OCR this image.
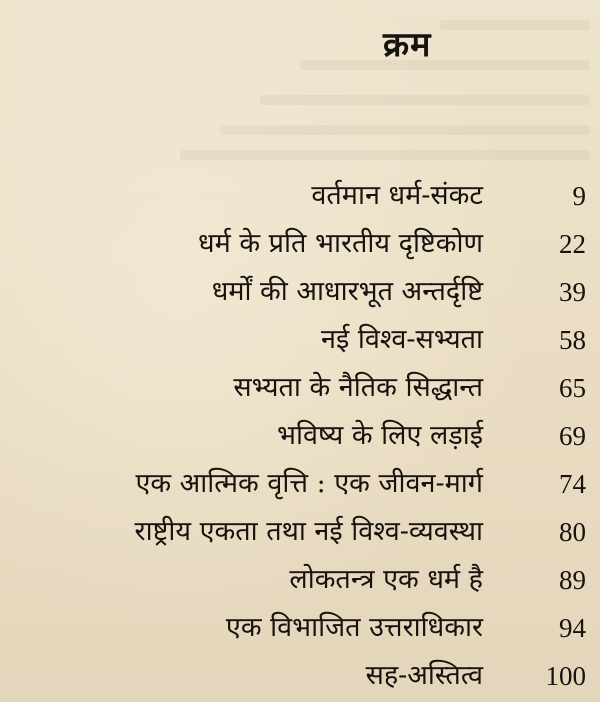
क्रम
वर्तमान धर्म-संकट	9
धर्म के प्रति भारतीय दृष्टिकोण	22
धर्मों की आधारभूत अन्तर्दृष्टि	39
नई विश्व-सभ्यता	58
सभ्यता के नैतिक सिद्धान्त	65
भविष्य के लिए लड़ाई	69
एक आत्मिक वृत्ति : एक जीवन-मार्ग	74
राष्ट्रीय एकता तथा नई विश्व-व्यवस्था	80
लोकतन्त्र एक धर्म है	89
एक विभाजित उत्तराधिकार	94
सह-अस्तित्व 100
